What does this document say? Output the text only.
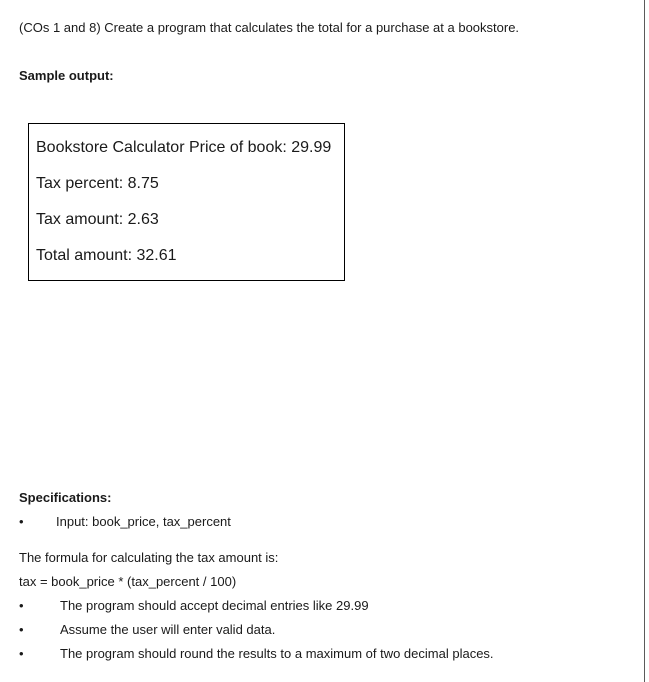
(COs 1 and 8) Create a program that calculates the total for a purchase at a bookstore.
Sample output:
Bookstore Calculator Price of book: 29.99
Tax percent: 8.75
Tax amount: 2.63
Total amount: 32.61
Specifications:
• Input: book_price, tax_percent
The formula for calculating the tax amount is:
tax = book_price * (tax_percent / 100)
•	The program should accept decimal entries like 29.99
•	Assume the user will enter valid data.
•	The program should round the results to a maximum of two decimal places.
